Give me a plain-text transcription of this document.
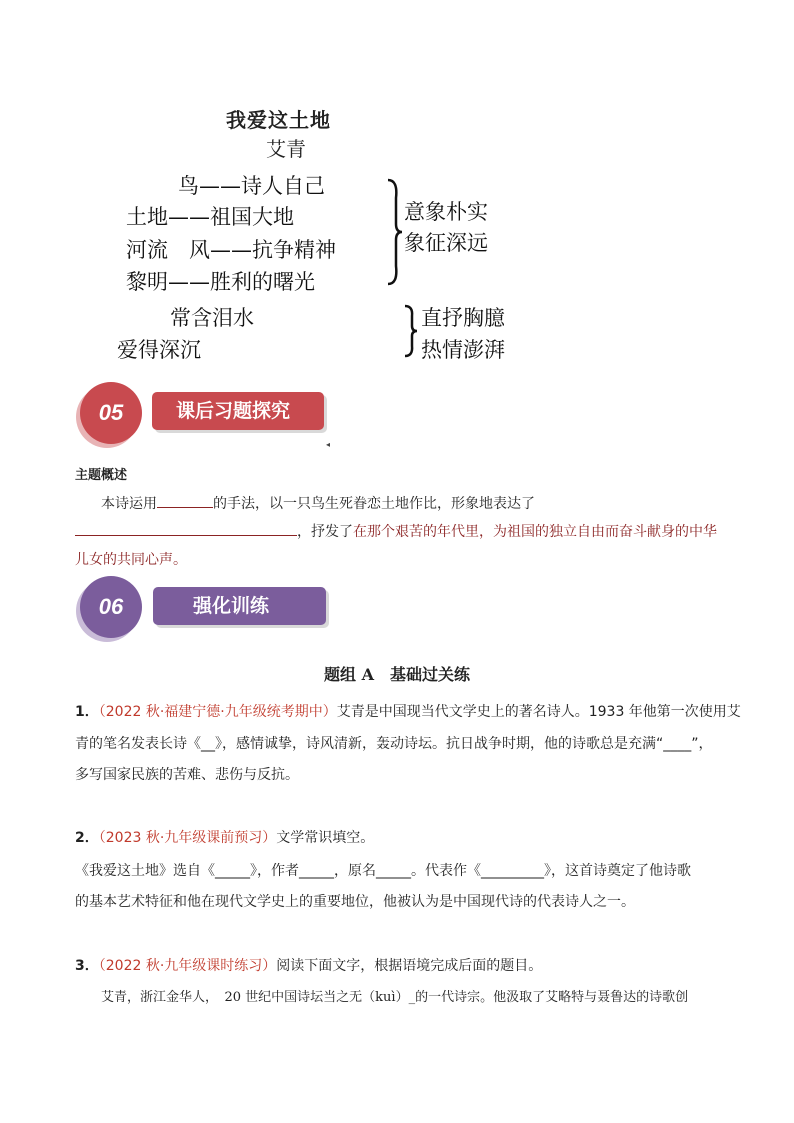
我爱这土地
艾青
鸟——诗人自己
土地——祖国大地
河流　风——抗争精神
黎明——胜利的曙光
意象朴实
象征深远
常含泪水
爱得深沉
直抒胸臆
热情澎湃
05	课后习题探究
◂
主题概述
本诗运用	的手法，以一只鸟生死眷恋土地作比，形象地表达了
，抒发了在那个艰苦的年代里，为祖国的独立自由而奋斗献身的中华
儿女的共同心声。
06	强化训练
题组 A　基础过关练
1．（2022 秋·福建宁德·九年级统考期中）艾青是中国现当代文学史上的著名诗人。1933 年他第一次使用艾
青的笔名发表长诗《__》，感情诚挚，诗风清新，轰动诗坛。抗日战争时期，他的诗歌总是充满“____”，
多写国家民族的苦难、悲伤与反抗。
2．（2023 秋·九年级课前预习）文学常识填空。
《我爱这土地》选自《_____》，作者_____，原名_____。代表作《_________》，这首诗奠定了他诗歌
的基本艺术特征和他在现代文学史上的重要地位，他被认为是中国现代诗的代表诗人之一。
3．（2022 秋·九年级课时练习）阅读下面文字，根据语境完成后面的题目。
艾青，浙江金华人，　20 世纪中国诗坛当之无（kuì）_的一代诗宗。他汲取了艾略特与聂鲁达的诗歌创
